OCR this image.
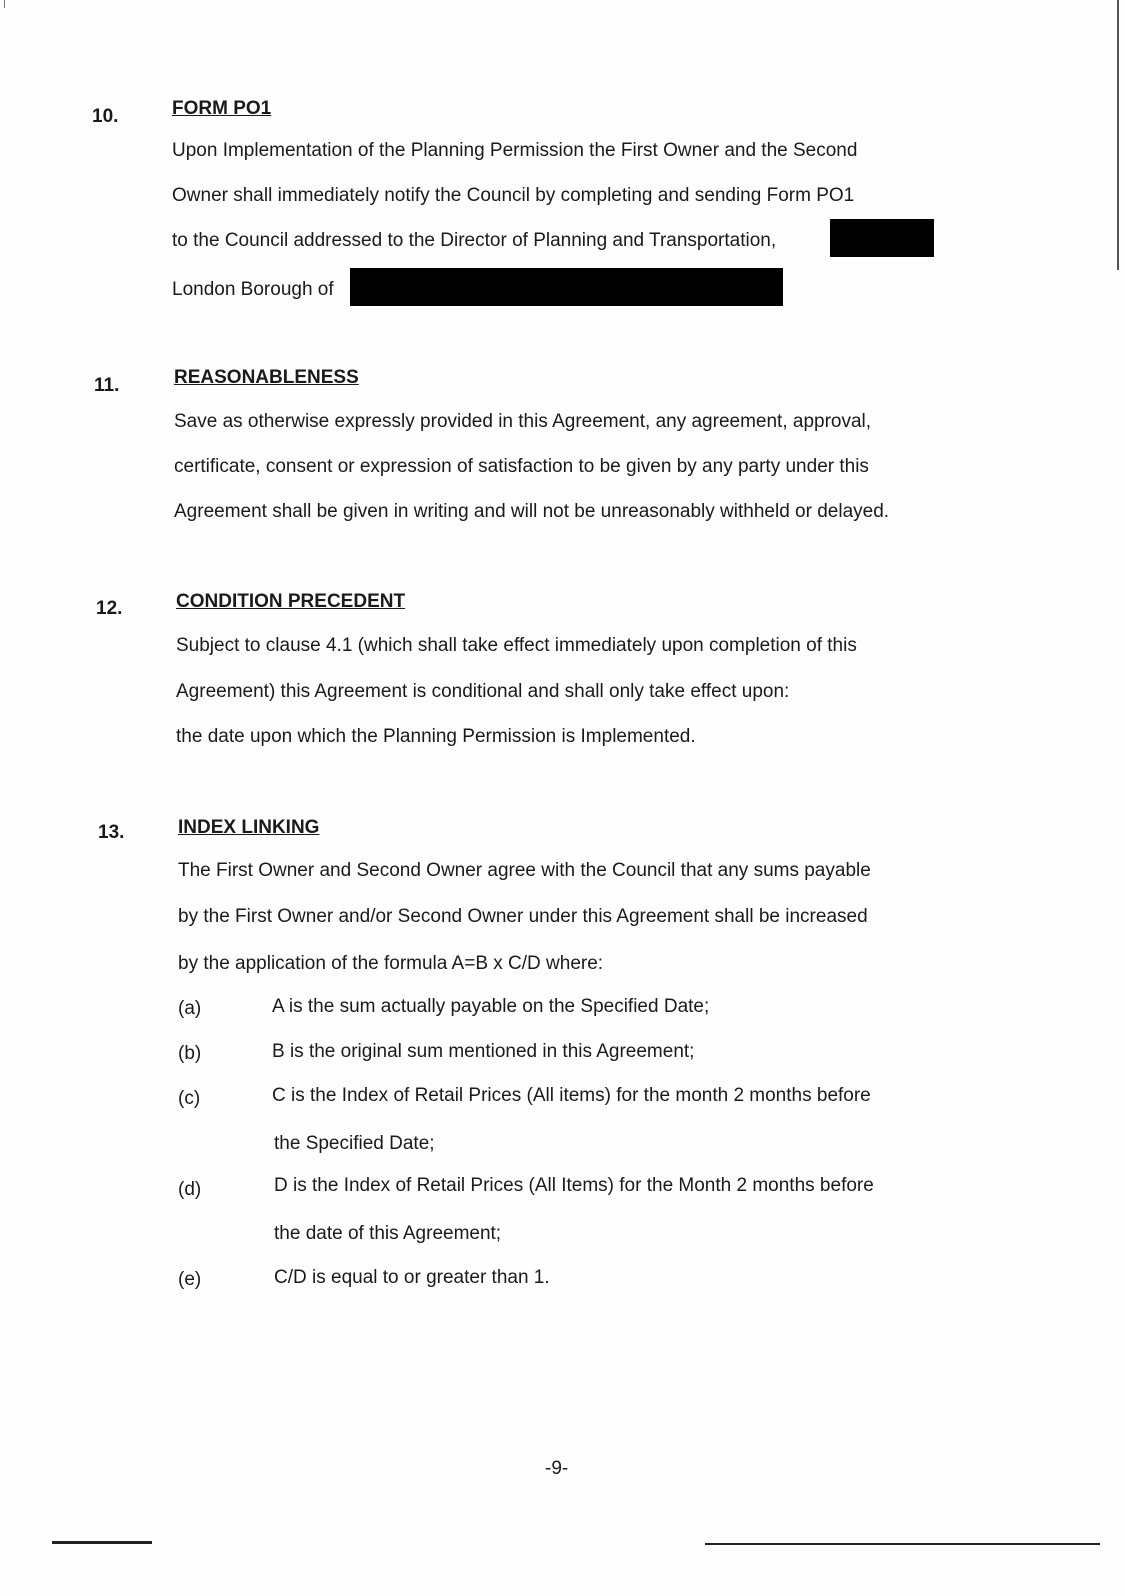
10.	FORM PO1
Upon Implementation of the Planning Permission the First Owner and the Second
Owner shall immediately notify the Council by completing and sending Form PO1
to the Council addressed to the Director of Planning and Transportation,
London Borough of
11.	REASONABLENESS
Save as otherwise expressly provided in this Agreement, any agreement, approval,
certificate, consent or expression of satisfaction to be given by any party under this
Agreement shall be given in writing and will not be unreasonably withheld or delayed.
12.	CONDITION PRECEDENT
Subject to clause 4.1 (which shall take effect immediately upon completion of this
Agreement) this Agreement is conditional and shall only take effect upon:
the date upon which the Planning Permission is Implemented.
13.	INDEX LINKING
The First Owner and Second Owner agree with the Council that any sums payable
by the First Owner and/or Second Owner under this Agreement shall be increased
by the application of the formula A=B x C/D where:
(a)	A is the sum actually payable on the Specified Date;
(b)	B is the original sum mentioned in this Agreement;
(c)	C is the Index of Retail Prices (All items) for the month 2 months before
the Specified Date;
(d)	D is the Index of Retail Prices (All Items) for the Month 2 months before
the date of this Agreement;
(e)	C/D is equal to or greater than 1.
-9-
